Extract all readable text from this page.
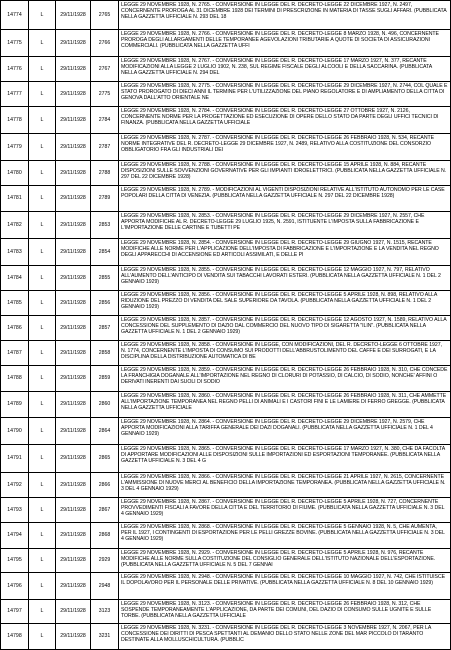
14774	L	29/11/1928	2765
LEGGE 29 NOVEMBRE 1928, N. 2765. - CONVERSIONE IN LEGGE DEL R. DECRETO-LEGGE 22 DICEMBRE 1927, N. 2497, CONCERNENTE PROROGA AL 31 DICEMBRE 1928 DEI TERMINI DI PRESCRIZIONE IN MATERIA DI TASSE SUGLI AFFARI. (PUBBLICATA NELLA GAZZETTA UFFICIALE N. 293 DEL 18
14775	L	29/11/1928	2766
LEGGE 29 NOVEMBRE 1928, N. 2766. - CONVERSIONE IN LEGGE DEL R. DECRETO-LEGGE 8 MARZO 1928, N. 496, CONCERNENTE PROROGA DEGLI ALLARGAMENTI DELLE TEMPORANEE AGEVOLAZIONI TRIBUTARIE A QUOTE DI SOCIETA DI ASSICURAZIONI COMMERCIALI. (PUBBLICATA NELLA GAZZETTA UFFI
14776	L	29/11/1928	2767
LEGGE 29 NOVEMBRE 1928, N. 2767. - CONVERSIONE IN LEGGE DEL R. DECRETO-LEGGE 17 MARZO 1927, N. 377, RECANTE MODIFICAZIONI ALLA LEGGE 2 LUGLIO 1902, N. 238, SUL REGIME FISCALE DEGLI ALCOOLI E DELLA SACCARINA. (PUBBLICATA NELLA GAZZETTA UFFICIALE N. 294 DEL
14777	L	29/11/1928	2775
LEGGE 29 NOVEMBRE 1928, N. 2775. - CONVERSIONE IN LEGGE DEL R. DECRETO-LEGGE 29 DICEMBRE 1927, N. 2744, COL QUALE E STATO PROROGATO DI DIECI ANNI IL TERMINE PER L'UTILIZZAZIONE DEL PIANO REGOLATORE E DI AMPLIAMENTO DELLA CITTA DI GENOVA DALL'ATTO ORIENTALE NE
14778	L	29/11/1928	2784
LEGGE 29 NOVEMBRE 1928, N. 2784. - CONVERSIONE IN LEGGE DEL R. DECRETO-LEGGE 27 OTTOBRE 1927, N. 2126, CONCERNENTE NORME PER LA PROGETTAZIONE ED ESECUZIONE DI OPERE DELLO STATO DA PARTE DEGLI UFFICI TECNICI DI FINANZA. (PUBBLICATA NELLA GAZZETTA UFFICIALE
14779	L	29/11/1928	2787
LEGGE 29 NOVEMBRE 1928, N. 2787. - CONVERSIONE IN LEGGE DEL R. DECRETO-LEGGE 26 FEBBRAIO 1928, N. 534, RECANTE NORME INTEGRATIVE DEL R. DECRETO-LEGGE 29 DICEMBRE 1927, N. 2489, RELATIVO ALLA COSTITUZIONE DEL CONSORZIO OBBLIGATORIO FRA GLI INDUSTRIALI DEI
14780	L	29/11/1928	2788
LEGGE 29 NOVEMBRE 1928, N. 2788. - CONVERSIONE IN LEGGE DEL R. DECRETO-LEGGE 15 APRILE 1928, N. 884, RECANTE DISPOSIZIONI SULLE SOVVENZIONI GOVERNATIVE PER GLI IMPIANTI IDROELETTRICI. (PUBBLICATA NELLA GAZZETTA UFFICIALE N. 297 DEL 22 DICEMBRE 1928)
14781	L	29/11/1928	2789
LEGGE 29 NOVEMBRE 1928, N. 2789. - MODIFICAZIONI AL VIGENTI DISPOSIZIONI RELATIVE ALL'ISTITUTO AUTONOMO PER LE CASE POPOLARI DELLA CITTA DI VENEZIA. (PUBBLICATA NELLA GAZZETTA UFFICIALE N. 297 DEL 22 DICEMBRE 1928)
14782	L	29/11/1928	2853
LEGGE 29 NOVEMBRE 1928, N. 2853. - CONVERSIONE IN LEGGE DEL R. DECRETO-LEGGE 29 DICEMBRE 1927, N. 2557, CHE APPORTA MODIFICHE AL R. DECRETO-LEGGE 29 LUGLIO 1925, N. 2591, ISTITUENTE L'IMPOSTA SULLA FABBRICAZIONE E L'IMPORTAZIONE DELLE CARTINE E TUBETTI PE
14783	L	29/11/1928	2854
LEGGE 29 NOVEMBRE 1928, N. 2854. - CONVERSIONE IN LEGGE DEL R. DECRETO-LEGGE 29 GIUGNO 1927, N. 1515, RECANTE MODIFICHE ALLE NORME PER L'APPLICAZIONE DELL'IMPOSTA DI FABBRICAZIONE E L'IMPORTAZIONE E LA VENDITA NEL REGNO DEGLI APPARECCHI DI ACCENSIONE ED ARTICOLI ASSIMILATI, E DELLE PI
14784	L	29/11/1928	2855
LEGGE 29 NOVEMBRE 1928, N. 2855. - CONVERSIONE IN LEGGE DEL R. DECRETO-LEGGE 12 MAGGIO 1927, N. 797, RELATIVO ALL'AUMENTO DELL'ANTICIPO DI VENDITA SUI TABACCHI LAVORATI ESTERI. (PUBBLICATA NELLA GAZZETTA UFFICIALE N. 1 DEL 2 GENNAIO 1929)
14785	L	29/11/1928	2856
LEGGE 29 NOVEMBRE 1928, N. 2856. - CONVERSIONE IN LEGGE DEL R. DECRETO-LEGGE 5 APRILE 1928, N. 898, RELATIVO ALLA RIDUZIONE DEL PREZZO DI VENDITA DEL SALE SUPERIORE DA TAVOLA. (PUBBLICATA NELLA GAZZETTA UFFICIALE N. 1 DEL 2 GENNAIO 1929)
14786	L	29/11/1928	2857
LEGGE 29 NOVEMBRE 1928, N. 2857. - CONVERSIONE IN LEGGE DEL R. DECRETO-LEGGE 12 AGOSTO 1927, N. 1589, RELATIVO ALLA CONCESSIONE DEL SUPPLEMENTO DI DAZIO DAL COMMERCIO DEL NUOVO TIPO DI SIGARETTA "ILIN". (PUBBLICATA NELLA GAZZETTA UFFICIALE N. 1 DEL 2 GENNAIO 1929)
14787	L	29/11/1928	2858
LEGGE 29 NOVEMBRE 1928, N. 2858. - CONVERSIONE IN LEGGE, CON MODIFICAZIONI, DEL R. DECRETO-LEGGE 6 OTTOBRE 1927, N. 1774, CONCERNENTE L'IMPOSTA DI CONSUMO SUI PRODOTTI DELL'ABBRUSTOLIMENTO DEL CAFFE E DEI SURROGATI, E LA DISCIPLINA DELLA DISTRIBUZIONE AUTOMATICA DI BE
14788	L	29/11/1928	2859
LEGGE 29 NOVEMBRE 1928, N. 2859. - CONVERSIONE IN LEGGE DEL R. DECRETO-LEGGE 26 FEBBRAIO 1928, N. 310, CHE CONCEDE LA FRANCHIGIA DOGANALE ALL'IMPORTAZIONE NEL REGNO DI CLORURI DI POTASSIO, DI CALCIO, DI SODIO, NONCHE' AFFINI O DERIVATI INERENTI DAI SUOLI DI SODIO
14789	L	29/11/1928	2860
LEGGE 29 NOVEMBRE 1928, N. 2860. - CONVERSIONE IN LEGGE DEL R. DECRETO-LEGGE 26 FEBBRAIO 1928, N. 311, CHE AMMETTE ALL'IMPORTAZIONE TEMPORANEA NEL REGNO PELLI DI ANIMALI E I CASTORI FINI E LE LAMIERE DI FERRO GREGGE. (PUBBLICATA NELLA GAZZETTA UFFICIALE
14790	L	29/11/1928	2864
LEGGE 29 NOVEMBRE 1928, N. 2864. - CONVERSIONE IN LEGGE DEL R. DECRETO-LEGGE 29 DICEMBRE 1927, N. 2579, CHE APPORTA MODIFICAZIONI ALLA TARIFFA GENERALE DEI DAZI DOGANALI. (PUBBLICATA NELLA GAZZETTA UFFICIALE N. 1 DEL 4 GENNAIO 1929)
14791	L	29/11/1928	2865
LEGGE 29 NOVEMBRE 1928, N. 2865. - CONVERSIONE IN LEGGE DEL R. DECRETO-LEGGE 17 MARZO 1927, N. 380, CHE DA FACOLTA DI APPORTARE MODIFICAZIONI ALLE DISPOSIZIONI SULLE IMPORTAZIONI ED ESPORTAZIONI TEMPORANEE. (PUBBLICATA NELLA GAZZETTA UFFICIALE N. 3 DEL 4 G
14792	L	29/11/1928	2866
LEGGE 29 NOVEMBRE 1928, N. 2866. - CONVERSIONE IN LEGGE DEL R. DECRETO-LEGGE 21 APRILE 1927, N. 2615, CONCERNENTE L'AMMISSIONE DI NUOVE MERCI AL BENEFICIO DELLA IMPORTAZIONE TEMPORANEA. (PUBBLICATA NELLA GAZZETTA UFFICIALE N. 3 DEL 4 GENNAIO 1929)
14793	L	29/11/1928	2867
LEGGE 29 NOVEMBRE 1928, N. 2867. - CONVERSIONE IN LEGGE DEL R. DECRETO-LEGGE 5 APRILE 1928, N. 727, CONCERNENTE PROVVEDIMENTI FISCALI A FAVORE DELLA CITTA E DEL TERRITORIO DI FIUME. (PUBBLICATA NELLA GAZZETTA UFFICIALE N. 3 DEL 4 GENNAIO 1929)
14794	L	29/11/1928	2868
LEGGE 29 NOVEMBRE 1928, N. 2868. - CONVERSIONE IN LEGGE DEL R. DECRETO-LEGGE 5 GENNAIO 1928, N. 5, CHE AUMENTA, PER IL 1927, I CONTINGENTI DI ESPORTAZIONE PER LE PELLI GREZZE BOVINE. (PUBBLICATA NELLA GAZZETTA UFFICIALE N. 3 DEL 4 GENNAIO 1929)
14795	L	29/11/1928	2929
LEGGE 29 NOVEMBRE 1928, N. 2929. - CONVERSIONE IN LEGGE DEL R. DECRETO-LEGGE 5 APRILE 1928, N. 976, RECANTE MODIFICHE ALLE NORME SULLA COSTITUZIONE DEL CONSIGLIO GENERALE DELL'ISTITUTO NAZIONALE DELL'ESPORTAZIONE. (PUBBLICATA NELLA GAZZETTA UFFICIALE N. 5 DEL 7 GENNAI
14796	L	29/11/1928	2948
LEGGE 29 NOVEMBRE 1928, N. 2948. - CONVERSIONE IN LEGGE DEL R. DECRETO-LEGGE 10 MAGGIO 1927, N. 742, CHE ISTITUISCE IL DOPOLAVORO PER IL PERSONALE DELLE PRIVATIVE. (PUBBLICATA NELLA GAZZETTA UFFICIALE N. 8 DEL 10 GENNAIO 1929)
14797	L	29/11/1928	3123
LEGGE 29 NOVEMBRE 1928, N. 3123. - CONVERSIONE IN LEGGE DEL R. DECRETO-LEGGE 26 FEBBRAIO 1928, N. 312, CHE SOSPENDE TEMPORANEAMENTE L'APPLICAZIONE, DA PARTE DEI COMUNI, DEL DAZIO DI CONSUMO SULLE UGNITE E SULLE TORBE. (PUBBLICATA NELLA GAZZETTA UFFICIALE
14798	L	29/11/1928	3231
LEGGE 29 NOVEMBRE 1928, N. 3231. - CONVERSIONE IN LEGGE DEL R. DECRETO-LEGGE 3 NOVEMBRE 1927, N. 2067, PER LA CONCESSIONE DEI DIRITTI DI PESCA SPETTANTI AL DEMANIO DELLO STATO NELLE ZONE DEL MAR PICCOLO DI TARANTO DESTINATE ALLA MOLLUSCHICULTURA. (PUBBLIC
